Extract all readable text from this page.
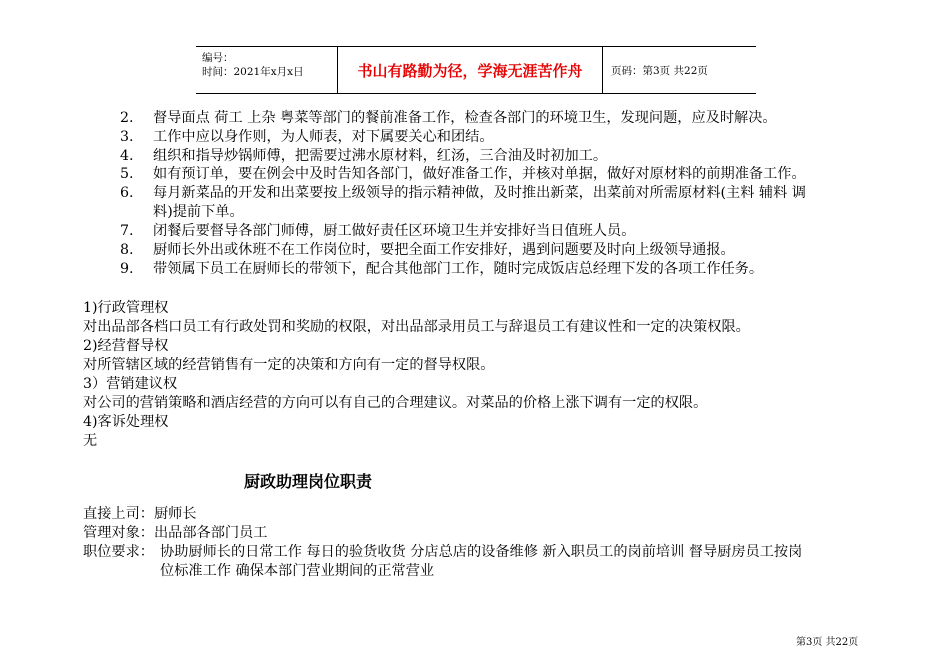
编号：
时间：2021年x月x日	书山有路勤为径，学海无涯苦作舟	页码：第3页 共22页
2. 督导面点 荷工 上杂 粤菜等部门的餐前准备工作，检查各部门的环境卫生，发现问题，应及时解决。
3. 工作中应以身作则，为人师表，对下属要关心和团结。
4. 组织和指导炒锅师傅，把需要过沸水原材料，红汤，三合油及时初加工。
5. 如有预订单，要在例会中及时告知各部门，做好准备工作，并核对单据，做好对原材料的前期准备工作。
6. 每月新菜品的开发和出菜要按上级领导的指示精神做，及时推出新菜，出菜前对所需原材料(主料 辅料 调
料)提前下单。
7. 闭餐后要督导各部门师傅，厨工做好责任区环境卫生并安排好当日值班人员。
8. 厨师长外出或休班不在工作岗位时，要把全面工作安排好，遇到问题要及时向上级领导通报。
9. 带领属下员工在厨师长的带领下，配合其他部门工作，随时完成饭店总经理下发的各项工作任务。
1)行政管理权
对出品部各档口员工有行政处罚和奖励的权限，对出品部录用员工与辞退员工有建议性和一定的决策权限。
2)经营督导权
对所管辖区域的经营销售有一定的决策和方向有一定的督导权限。
3）营销建议权
对公司的营销策略和酒店经营的方向可以有自己的合理建议。对菜品的价格上涨下调有一定的权限。
4)客诉处理权
无
厨政助理岗位职责
直接上司：厨师长
管理对象：出品部各部门员工
职位要求： 协助厨师长的日常工作 每日的验货收货 分店总店的设备维修 新入职员工的岗前培训 督导厨房员工按岗
位标准工作 确保本部门营业期间的正常营业
第3页 共22页
